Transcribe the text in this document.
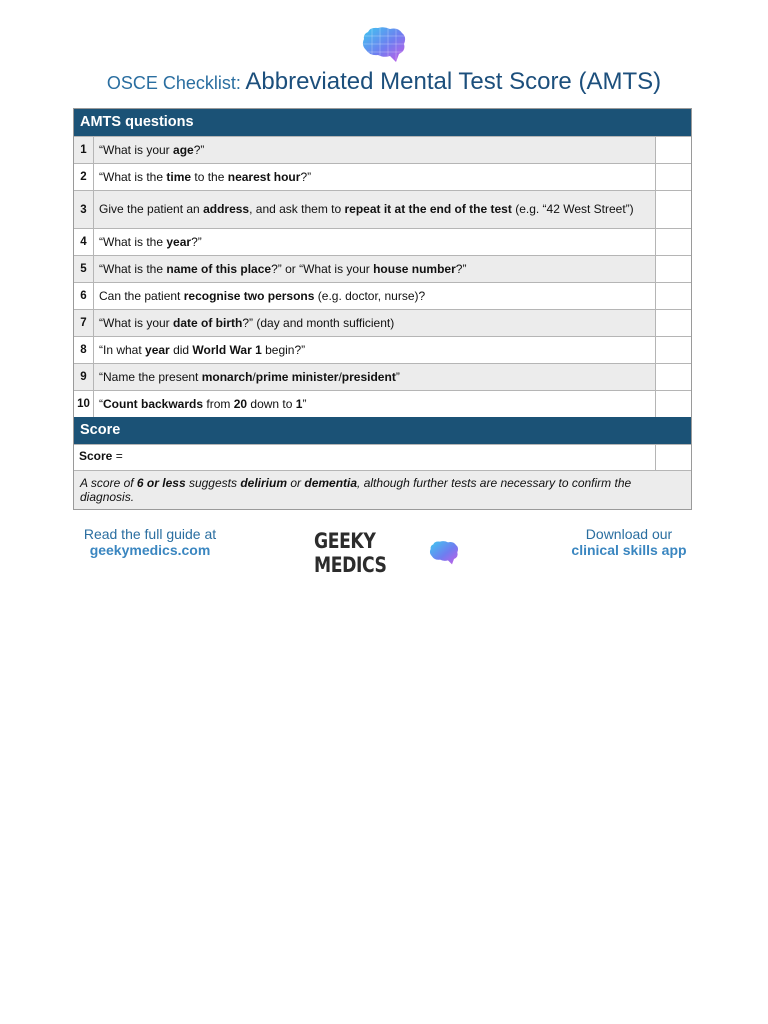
OSCE Checklist: Abbreviated Mental Test Score (AMTS)
AMTS questions
1	“What is your age?”
2	“What is the time to the nearest hour?”
3	Give the patient an address, and ask them to repeat it at the end of the test (e.g. “42 West Street”)
4	“What is the year?”
5	“What is the name of this place?” or “What is your house number?”
6	Can the patient recognise two persons (e.g. doctor, nurse)?
7	“What is your date of birth?” (day and month sufficient)
8	“In what year did World War 1 begin?”
9	“Name the present monarch/prime minister/president”
10 “Count backwards from 20 down to 1”
Score
Score =
A score of 6 or less suggests delirium or dementia, although further tests are necessary to confirm the diagnosis.
Read the full guide at
geekymedics.com	GEEKY MEDICS
Download our
clinical skills app
